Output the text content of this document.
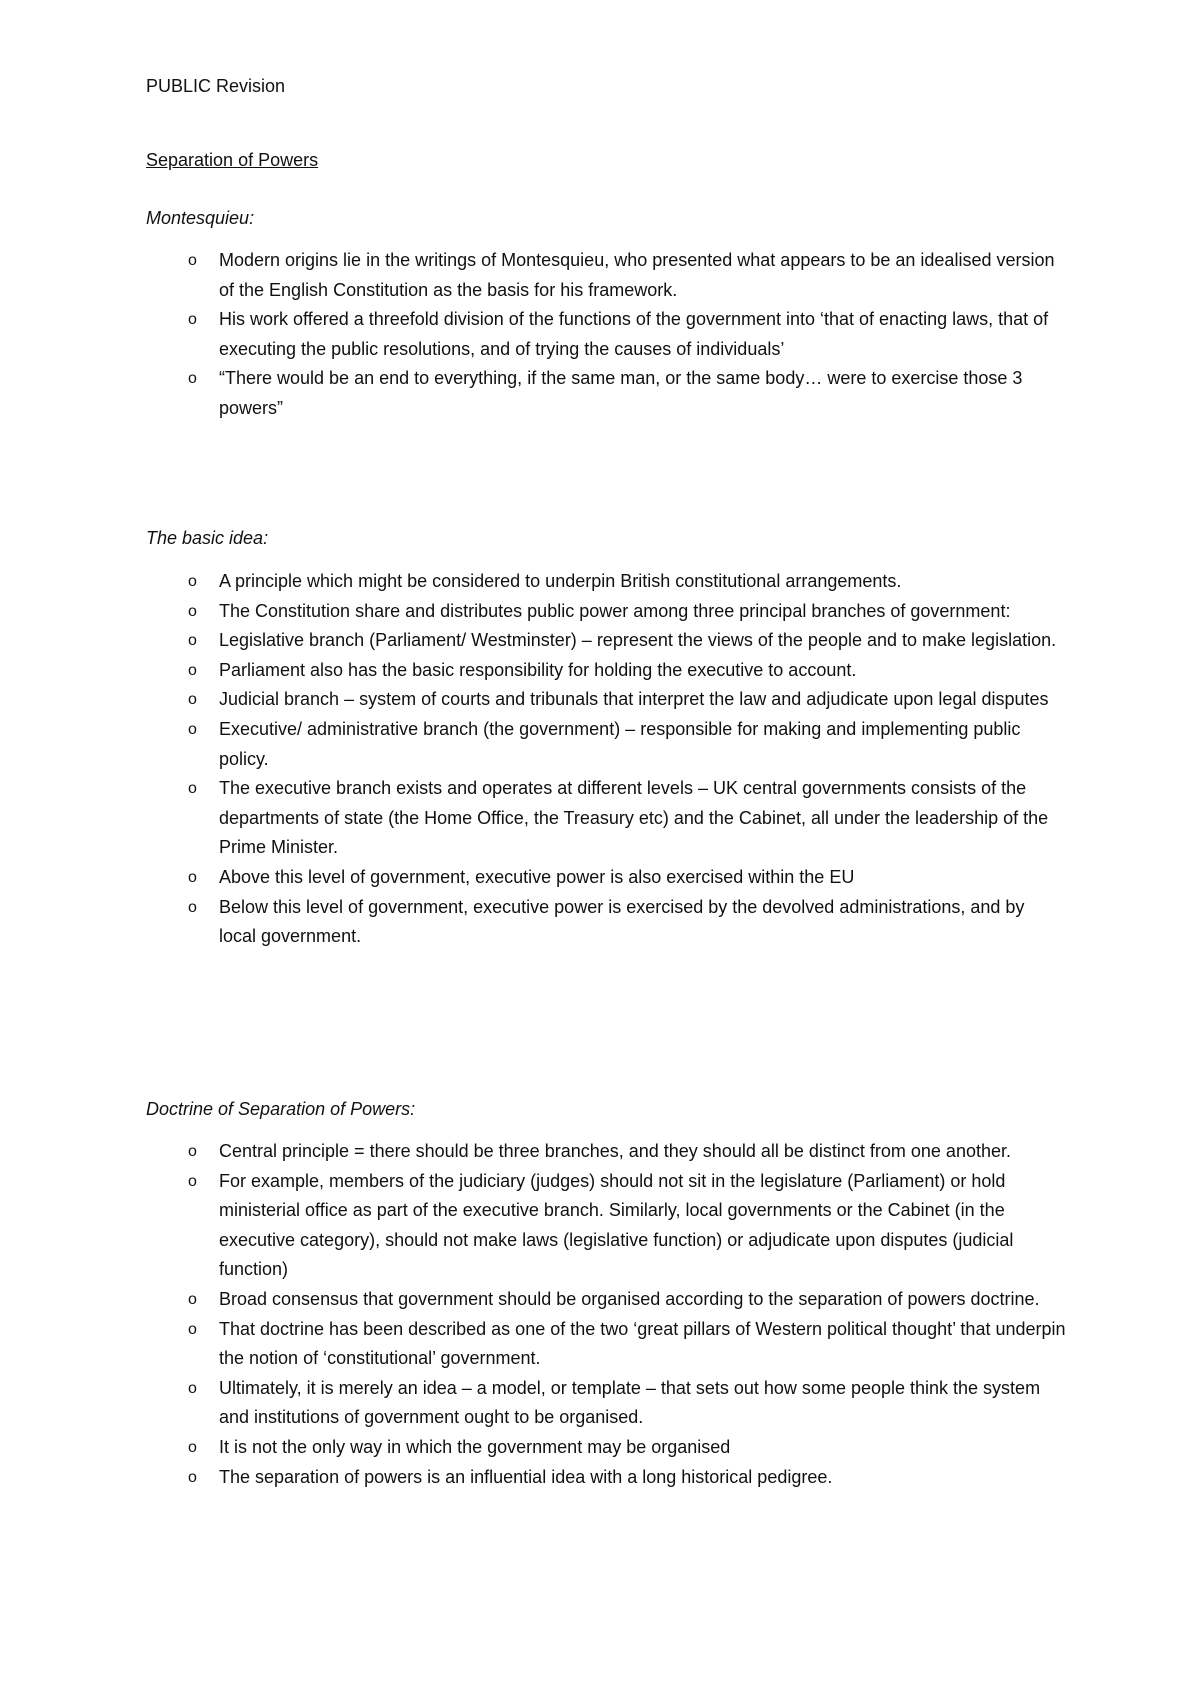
PUBLIC Revision
Separation of Powers
Montesquieu:
o Modern origins lie in the writings of Montesquieu, who presented what appears to be an idealised version of the English Constitution as the basis for his framework.
o His work offered a threefold division of the functions of the government into ‘that of enacting laws, that of executing the public resolutions, and of trying the causes of individuals’
o “There would be an end to everything, if the same man, or the same body… were to exercise those 3 powers”
The basic idea:
o A principle which might be considered to underpin British constitutional arrangements.
o The Constitution share and distributes public power among three principal branches of government:
o Legislative branch (Parliament/ Westminster) – represent the views of the people and to make legislation.
o Parliament also has the basic responsibility for holding the executive to account.
o Judicial branch – system of courts and tribunals that interpret the law and adjudicate upon legal disputes
o Executive/ administrative branch (the government) – responsible for making and implementing public policy.
o The executive branch exists and operates at different levels – UK central governments consists of the departments of state (the Home Office, the Treasury etc) and the Cabinet, all under the leadership of the Prime Minister.
o Above this level of government, executive power is also exercised within the EU
o Below this level of government, executive power is exercised by the devolved administrations, and by local government.
Doctrine of Separation of Powers:
o Central principle = there should be three branches, and they should all be distinct from one another.
o For example, members of the judiciary (judges) should not sit in the legislature (Parliament) or hold ministerial office as part of the executive branch. Similarly, local governments or the Cabinet (in the executive category), should not make laws (legislative function) or adjudicate upon disputes (judicial function)
o Broad consensus that government should be organised according to the separation of powers doctrine.
o That doctrine has been described as one of the two ‘great pillars of Western political thought’ that underpin the notion of ‘constitutional’ government.
o Ultimately, it is merely an idea – a model, or template – that sets out how some people think the system and institutions of government ought to be organised.
o It is not the only way in which the government may be organised
o The separation of powers is an influential idea with a long historical pedigree.
